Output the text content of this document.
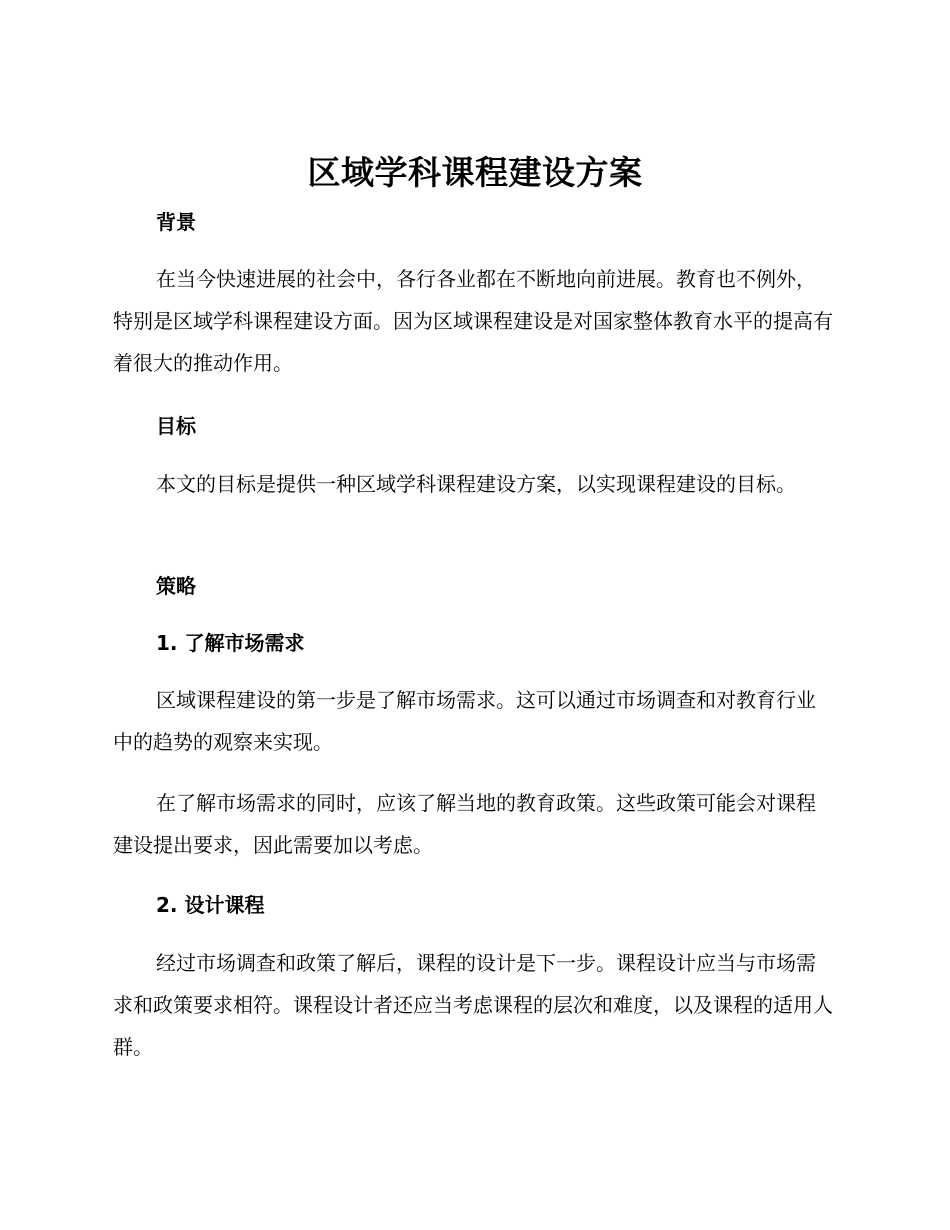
区域学科课程建设方案
背景

在当今快速进展的社会中，各行各业都在不断地向前进展。教育也不例外，特别是区域学科课程建设方面。因为区域课程建设是对国家整体教育水平的提高有着很大的推动作用。

目标

本文的目标是提供一种区域学科课程建设方案，以实现课程建设的目标。

策略
1. 了解市场需求

区域课程建设的第一步是了解市场需求。这可以通过市场调查和对教育行业中的趋势的观察来实现。

在了解市场需求的同时，应该了解当地的教育政策。这些政策可能会对课程建设提出要求，因此需要加以考虑。

2. 设计课程

经过市场调查和政策了解后，课程的设计是下一步。课程设计应当与市场需求和政策要求相符。课程设计者还应当考虑课程的层次和难度，以及课程的适用人群。
